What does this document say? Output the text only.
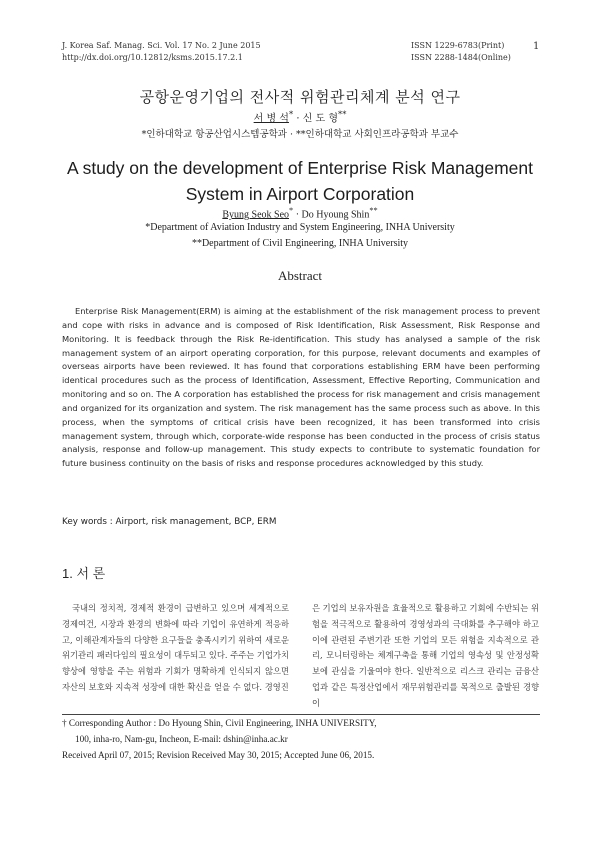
J. Korea Saf. Manag. Sci. Vol. 17 No. 2 June 2015
http://dx.doi.org/10.12812/ksms.2015.17.2.1
ISSN 1229-6783(Print)
ISSN 2288-1484(Online)
1
공항운영기업의 전사적 위험관리체계 분석 연구
서 병 석* · 신 도 형**
*인하대학교 항공산업시스템공학과 · **인하대학교 사회인프라공학과 부교수
A study on the development of Enterprise Risk Management
System in Airport Corporation
Byung Seok Seo* · Do Hyoung Shin**
*Department of Aviation Industry and System Engineering, INHA University
**Department of Civil Engineering, INHA University
Abstract
Enterprise Risk Management(ERM) is aiming at the establishment of the risk management process to prevent and cope with risks in advance and is composed of Risk Identification, Risk Assessment, Risk Response and Monitoring. It is feedback through the Risk Re-identification. This study has analysed a sample of the risk management system of an airport operating corporation, for this purpose, relevant documents and examples of overseas airports have been reviewed. It has found that corporations establishing ERM have been performing identical procedures such as the process of Identification, Assessment, Effective Reporting, Communication and monitoring and so on. The A corporation has established the process for risk management and crisis management and organized for its organization and system. The risk management has the same process such as above. In this process, when the symptoms of critical crisis have been recognized, it has been transformed into crisis management system, through which, corporate-wide response has been conducted in the process of crisis status analysis, response and follow-up management. This study expects to contribute to systematic foundation for future business continuity on the basis of risks and response procedures acknowledged by this study.
Key words : Airport, risk management, BCP, ERM
1. 서 론
국내의 정치적, 경제적 환경이 급변하고 있으며 세계적으로 경제여건, 시장과 환경의 변화에 따라 기업이 유연하게 적응하고, 이해관계자들의 다양한 요구들을 충족시키기 위하여 새로운 위기관리 패러다임의 필요성이 대두되고 있다. 주주는 기업가치 향상에 영향을 주는 위험과 기회가 명확하게 인식되지 않으면 자산의 보호와 지속적 성장에 대한 확신을 얻을 수 없다. 경영진
은 기업의 보유자원을 효율적으로 활용하고 기회에 수반되는 위험을 적극적으로 활용하여 경영성과의 극대화를 추구해야 하고 이에 관련된 주변기관 또한 기업의 모든 위험을 지속적으로 관리, 모니터링하는 체계구축을 통해 기업의 영속성 및 안정성확보에 관심을 기울여야 한다. 일반적으로 리스크 관리는 금융산업과 같은 특정산업에서 재무위험관리를 목적으로 출발된 경향이
† Corresponding Author : Do Hyoung Shin, Civil Engineering, INHA UNIVERSITY,
100, inha-ro, Nam-gu, Incheon, E-mail: dshin@inha.ac.kr
Received April 07, 2015; Revision Received May 30, 2015; Accepted June 06, 2015.
